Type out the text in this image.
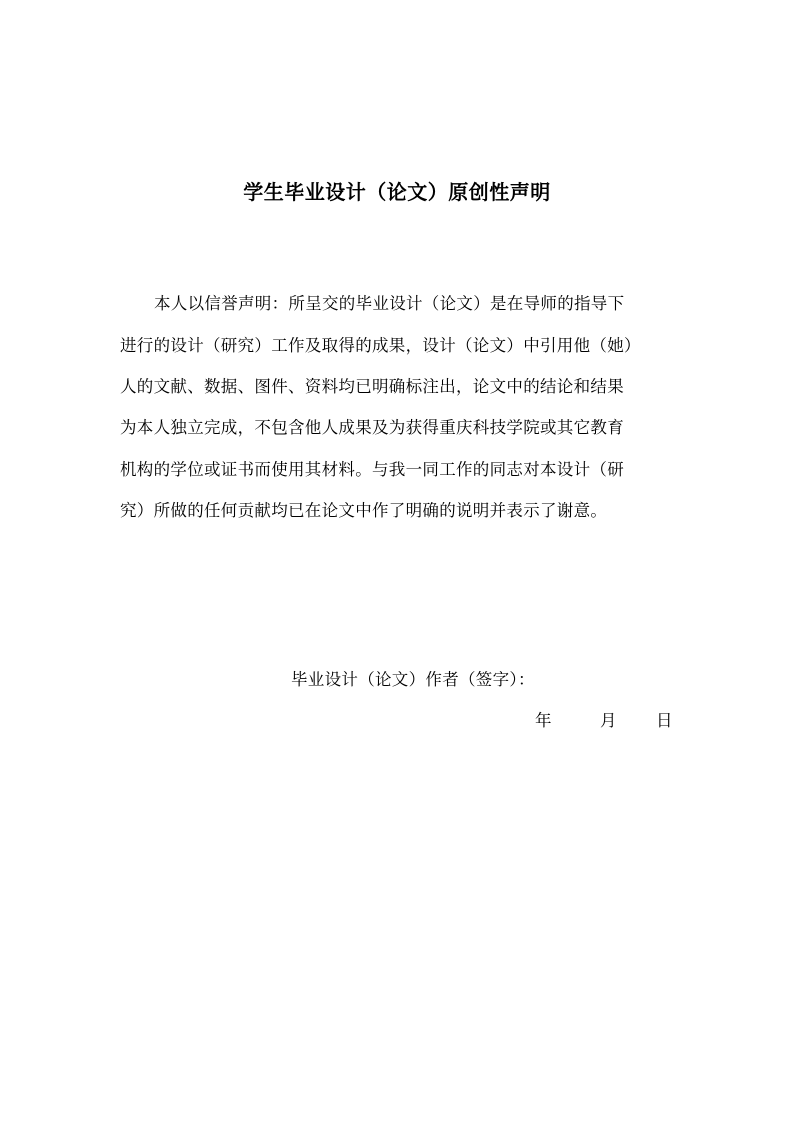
学生毕业设计（论文）原创性声明
本人以信誉声明：所呈交的毕业设计（论文）是在导师的指导下
进行的设计（研究）工作及取得的成果，设计（论文）中引用他（她）
人的文献、数据、图件、资料均已明确标注出，论文中的结论和结果
为本人独立完成，不包含他人成果及为获得重庆科技学院或其它教育
机构的学位或证书而使用其材料。与我一同工作的同志对本设计（研
究）所做的任何贡献均已在论文中作了明确的说明并表示了谢意。
毕业设计（论文）作者（签字）：
年	月 日
